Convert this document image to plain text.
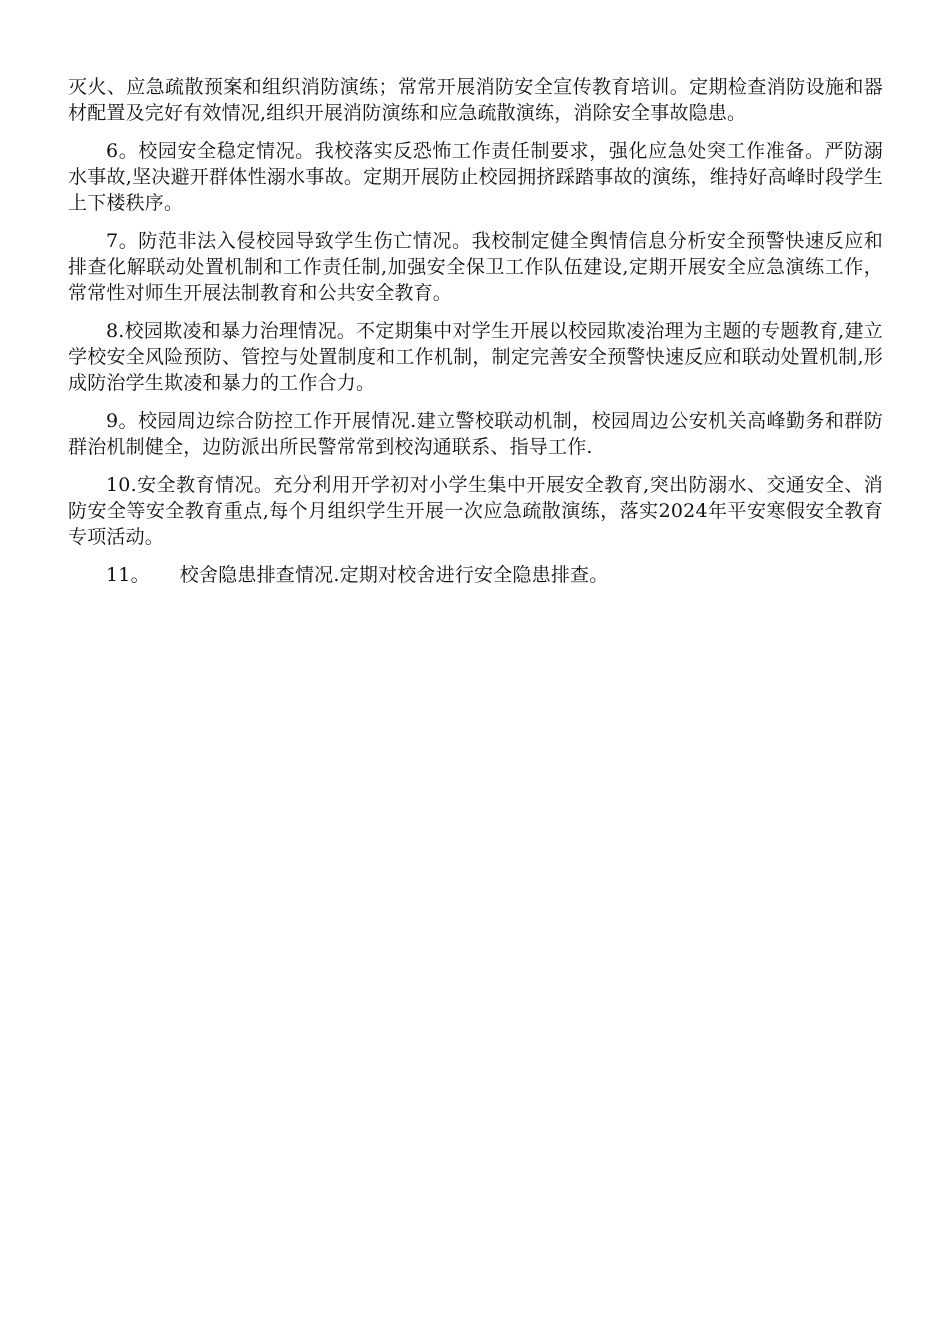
灭火、应急疏散预案和组织消防演练；常常开展消防安全宣传教育培训。定期检查消防设施和器材配置及完好有效情况,组织开展消防演练和应急疏散演练，消除安全事故隐患。

6。校园安全稳定情况。我校落实反恐怖工作责任制要求，强化应急处突工作准备。严防溺水事故,坚决避开群体性溺水事故。定期开展防止校园拥挤踩踏事故的演练，维持好高峰时段学生上下楼秩序。

7。防范非法入侵校园导致学生伤亡情况。我校制定健全舆情信息分析安全预警快速反应和排查化解联动处置机制和工作责任制,加强安全保卫工作队伍建设,定期开展安全应急演练工作，常常性对师生开展法制教育和公共安全教育。

8.校园欺凌和暴力治理情况。不定期集中对学生开展以校园欺凌治理为主题的专题教育,建立学校安全风险预防、管控与处置制度和工作机制，制定完善安全预警快速反应和联动处置机制,形成防治学生欺凌和暴力的工作合力。

9。校园周边综合防控工作开展情况.建立警校联动机制，校园周边公安机关高峰勤务和群防群治机制健全，边防派出所民警常常到校沟通联系、指导工作.

10.安全教育情况。充分利用开学初对小学生集中开展安全教育,突出防溺水、交通安全、消防安全等安全教育重点,每个月组织学生开展一次应急疏散演练，落实2024年平安寒假安全教育专项活动。

11。 校舍隐患排查情况.定期对校舍进行安全隐患排查。
